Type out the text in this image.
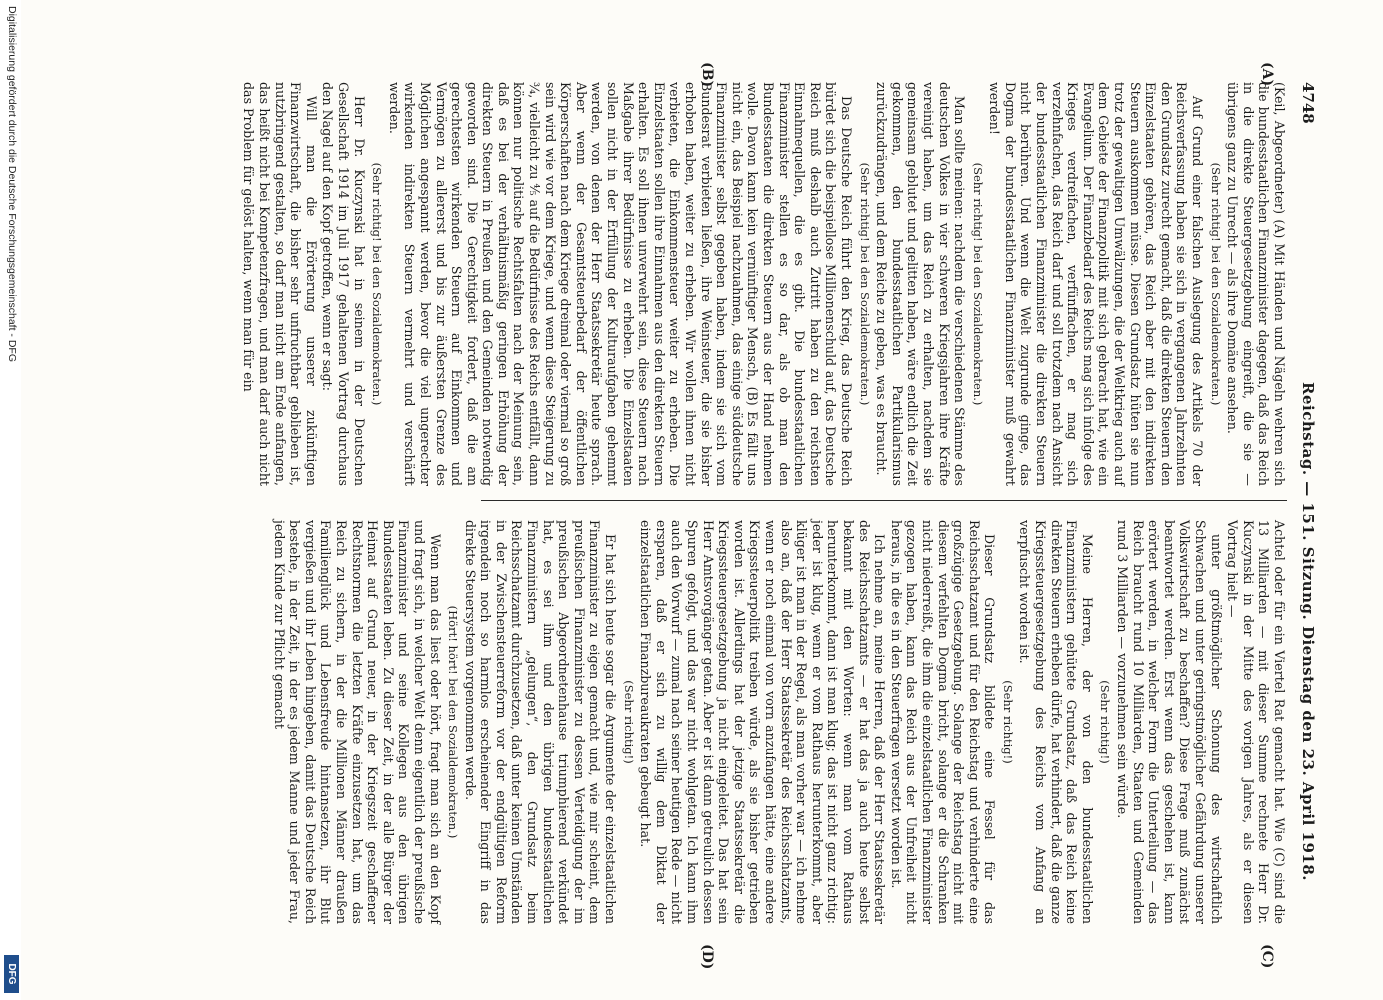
4748
Reichstag. — 151. Sitzung. Dienstag den 23. April 1918.
(A)
(B)
(C)
(D)

(Keil, Abgeordneter) (A) Mit Händen und Nägeln wehren sich die bundesstaatlichen Finanzminister dagegen, daß das Reich in die direkte Steuergesetzgebung eingreift, die sie — übrigens ganz zu Unrecht — als ihre Domäne ansehen.

(Sehr richtig! bei den Sozialdemokraten.)

Auf Grund einer falschen Auslegung des Artikels 70 der Reichsverfassung haben sie sich in vergangenen Jahrzehnten den Grundsatz zurecht gemacht, daß die direkten Steuern den Einzelstaaten gehören, das Reich aber mit den indirekten Steuern auskommen müsse. Diesen Grundsatz hüten sie nun trotz der gewaltigen Umwälzungen, die der Weltkrieg auch auf dem Gebiete der Finanzpolitik mit sich gebracht hat, wie ein Evangelium. Der Finanzbedarf des Reichs mag sich infolge des Krieges verdreifachen, verfünffachen, er mag sich verzehnfachen, das Reich darf und soll trotzdem nach Ansicht der bundesstaatlichen Finanzminister die direkten Steuern nicht berühren. Und wenn die Welt zugrunde ginge, das Dogma der bundesstaatlichen Finanzminister muß gewahrt werden!

(Sehr richtig! bei den Sozialdemokraten.)

Man sollte meinen: nachdem die verschiedenen Stämme des deutschen Volkes in vier schweren Kriegsjahren ihre Kräfte vereinigt haben, um das Reich zu erhalten, nachdem sie gemeinsam geblutet und gelitten haben, wäre endlich die Zeit gekommen, den bundesstaatlichen Partikularismus zurückzudrängen, und dem Reiche zu geben, was es braucht.

(Sehr richtig! bei den Sozialdemokraten.)

Das Deutsche Reich führt den Krieg, das Deutsche Reich bürdet sich die beispiellose Millionenschuld auf, das Deutsche Reich muß deshalb auch Zutritt haben zu den reichsten Einnahmequellen, die es gibt. Die bundesstaatlichen Finanzminister stellen es so dar, als ob man den Bundesstaaten die direkten Steuern aus der Hand nehmen wolle. Davon kann kein vernünftiger Mensch, (B) Es fällt uns nicht ein, das Beispiel nachzuahmen, das einige süddeutsche Finanzminister selbst gegeben haben, indem sie sich vom Bundesrat verbieten ließen, ihre Weinsteuer, die sie bisher erhoben haben, weiter zu erheben. Wir wollen ihnen nicht verbieten, die Einkommensteuer weiter zu erheben. Die Einzelstaaten sollen ihre Einnahmen aus den direkten Steuern erhalten. Es soll ihnen unverwehrt sein, diese Steuern nach Maßgabe ihrer Bedürfnisse zu erheben. Die Einzelstaaten sollen nicht in der Erfüllung der Kulturaufgaben gehemmt werden, von denen der Herr Staatssekretär heute sprach. Aber wenn der Gesamtsteuerbedarf der öffentlichen Körperschaften nach dem Kriege dreimal oder viermal so groß sein wird wie vor dem Kriege, und wenn diese Steigerung zu ¾, vielleicht zu ⅘ auf die Bedürfnisse des Reichs entfällt, dann können nur politische Rechtsfalten nach der Meinung sein, daß es bei der verhältnismäßig geringen Erhöhung der direkten Steuern in Preußen und den Gemeinden notwendig geworden sind. Die Gerechtigkeit fordert, daß die am gerechtesten wirkenden Steuern auf Einkommen und Vermögen zu allererst und bis zur äußersten Grenze des Möglichen angespannt werden, bevor die viel ungerechter wirkenden indirekten Steuern vermehrt und verschärft werden.

(Sehr richtig! bei den Sozialdemokraten.)

Herr Dr. Kuczynski hat in seinem in der Deutschen Gesellschaft 1914 im Juli 1917 gehaltenen Vortrag durchaus den Nagel auf den Kopf getroffen, wenn er sagt:

Will man die Erörterung unserer zukünftigen Finanzwirtschaft, die bisher sehr unfruchtbar geblieben ist, nutzbringend gestalten, so darf man nicht am Ende anfangen, das heißt nicht bei Kompetenzfragen, und man darf auch nicht das Problem für gelöst halten, wenn man für ein

Achtel oder für ein Viertel Rat gemacht hat. Wie (C) sind die 13 Milliarden — mit dieser Summe rechnete Herr Dr. Kuczynski in der Mitte des vorigen Jahres, als er diesen Vortrag hielt —

unter größtmöglicher Schonung des wirtschaftlich Schwachen und unter geringstmöglicher Gefährdung unserer Volkswirtschaft zu beschaffen? Diese Frage muß zunächst beantwortet werden. Erst wenn das geschehen ist, kann erörtert werden, in welcher Form die Unterteilung — das Reich braucht rund 10 Milliarden, Staaten und Gemeinden rund 3 Milliarden — vorzunehmen sein würde.

(Sehr richtig!)

Meine Herren, der von den bundesstaatlichen Finanzministern gehütete Grundsatz, daß das Reich keine direkten Steuern erheben dürfe, hat verhindert, daß die ganze Kriegssteuergesetzgebung des Reichs vom Anfang an verpfuscht worden ist.

(Sehr richtig!)

Dieser Grundsatz bildete eine Fessel für das Reichsschatzamt und für den Reichstag und verhinderte eine großzügige Gesetzgebung. Solange der Reichstag nicht mit diesem verfehlten Dogma bricht, solange er die Schranken nicht niederreißt, die ihm die einzelstaatlichen Finanzminister gezogen haben, kann das Reich aus der Unfreiheit nicht heraus, in die es in den Steuerfragen versetzt worden ist.

Ich nehme an, meine Herren, daß der Herr Staatssekretär des Reichsschatzamts — er hat das ja auch heute selbst bekannt mit den Worten: wenn man vom Rathaus herunterkommt, dann ist man klug; das ist nicht ganz richtig: jeder ist klug, wenn er vom Rathaus herunterkommt, aber klüger ist man in der Regel, als man vorher war — ich nehme also an, daß der Herr Staatssekretär des Reichsschatzamts, wenn er noch einmal von vorn anzufangen hätte, eine andere Kriegssteuerpolitik treiben würde, als sie bisher getrieben worden ist. Allerdings hat der jetzige Staatssekretär die Kriegssteuergesetzgebung ja nicht eingeleitet. Das hat sein Herr Amtsvorgänger getan. Aber er ist dann getreulich dessen Spuren gefolgt, und das war nicht wohlgetan. Ich kann ihm auch den Vorwurf — zumal nach seiner heutigen Rede — nicht ersparen, daß er sich zu willig dem Diktat der einzelstaatlichen Finanzbureaukraten gebeugt hat.

(Sehr richtig!)

Er hat sich heute sogar die Argumente der einzelstaatlichen Finanzminister zu eigen gemacht und, wie mir scheint, dem preußischen Finanzminister zu dessen Verteidigung der im preußischen Abgeordnetenhause triumphierend verkündet hat, es sei ihm und den übrigen bundesstaatlichen Finanzministern „gelungen“, den Grundsatz beim Reichsschatzamt durchzusetzen, daß unter keinen Umständen in der Zwischensteuerreform vor der endgültigen Reform irgendein noch so harmlos erscheinender Eingriff in das direkte Steuersystem vorgenommen werde.

(Hört! hört! bei den Sozialdemokraten.)

Wenn man das liest oder hört, fragt man sich an den Kopf und fragt sich, in welcher Welt denn eigentlich der preußische Finanzminister und seine Kollegen aus den übrigen Bundesstaaten leben. Zu dieser Zeit, in der alle Bürger der Heimat auf Grund neuer, in der Kriegszeit geschaffener Rechtsnormen die letzten Kräfte einzusetzen hat, um das Reich zu sichern, in der die Millionen Männer draußen Familienglück und Lebensfreude hintansetzen, ihr Blut vergießen und ihr Leben hingeben, damit das Deutsche Reich bestehe, in der Zeit, in der es jedem Manne und jeder Frau, jedem Kinde zur Pflicht gemacht

Digitalisierung gefördert durch die Deutsche Forschungsgemeinschaft - DFG
DFG
